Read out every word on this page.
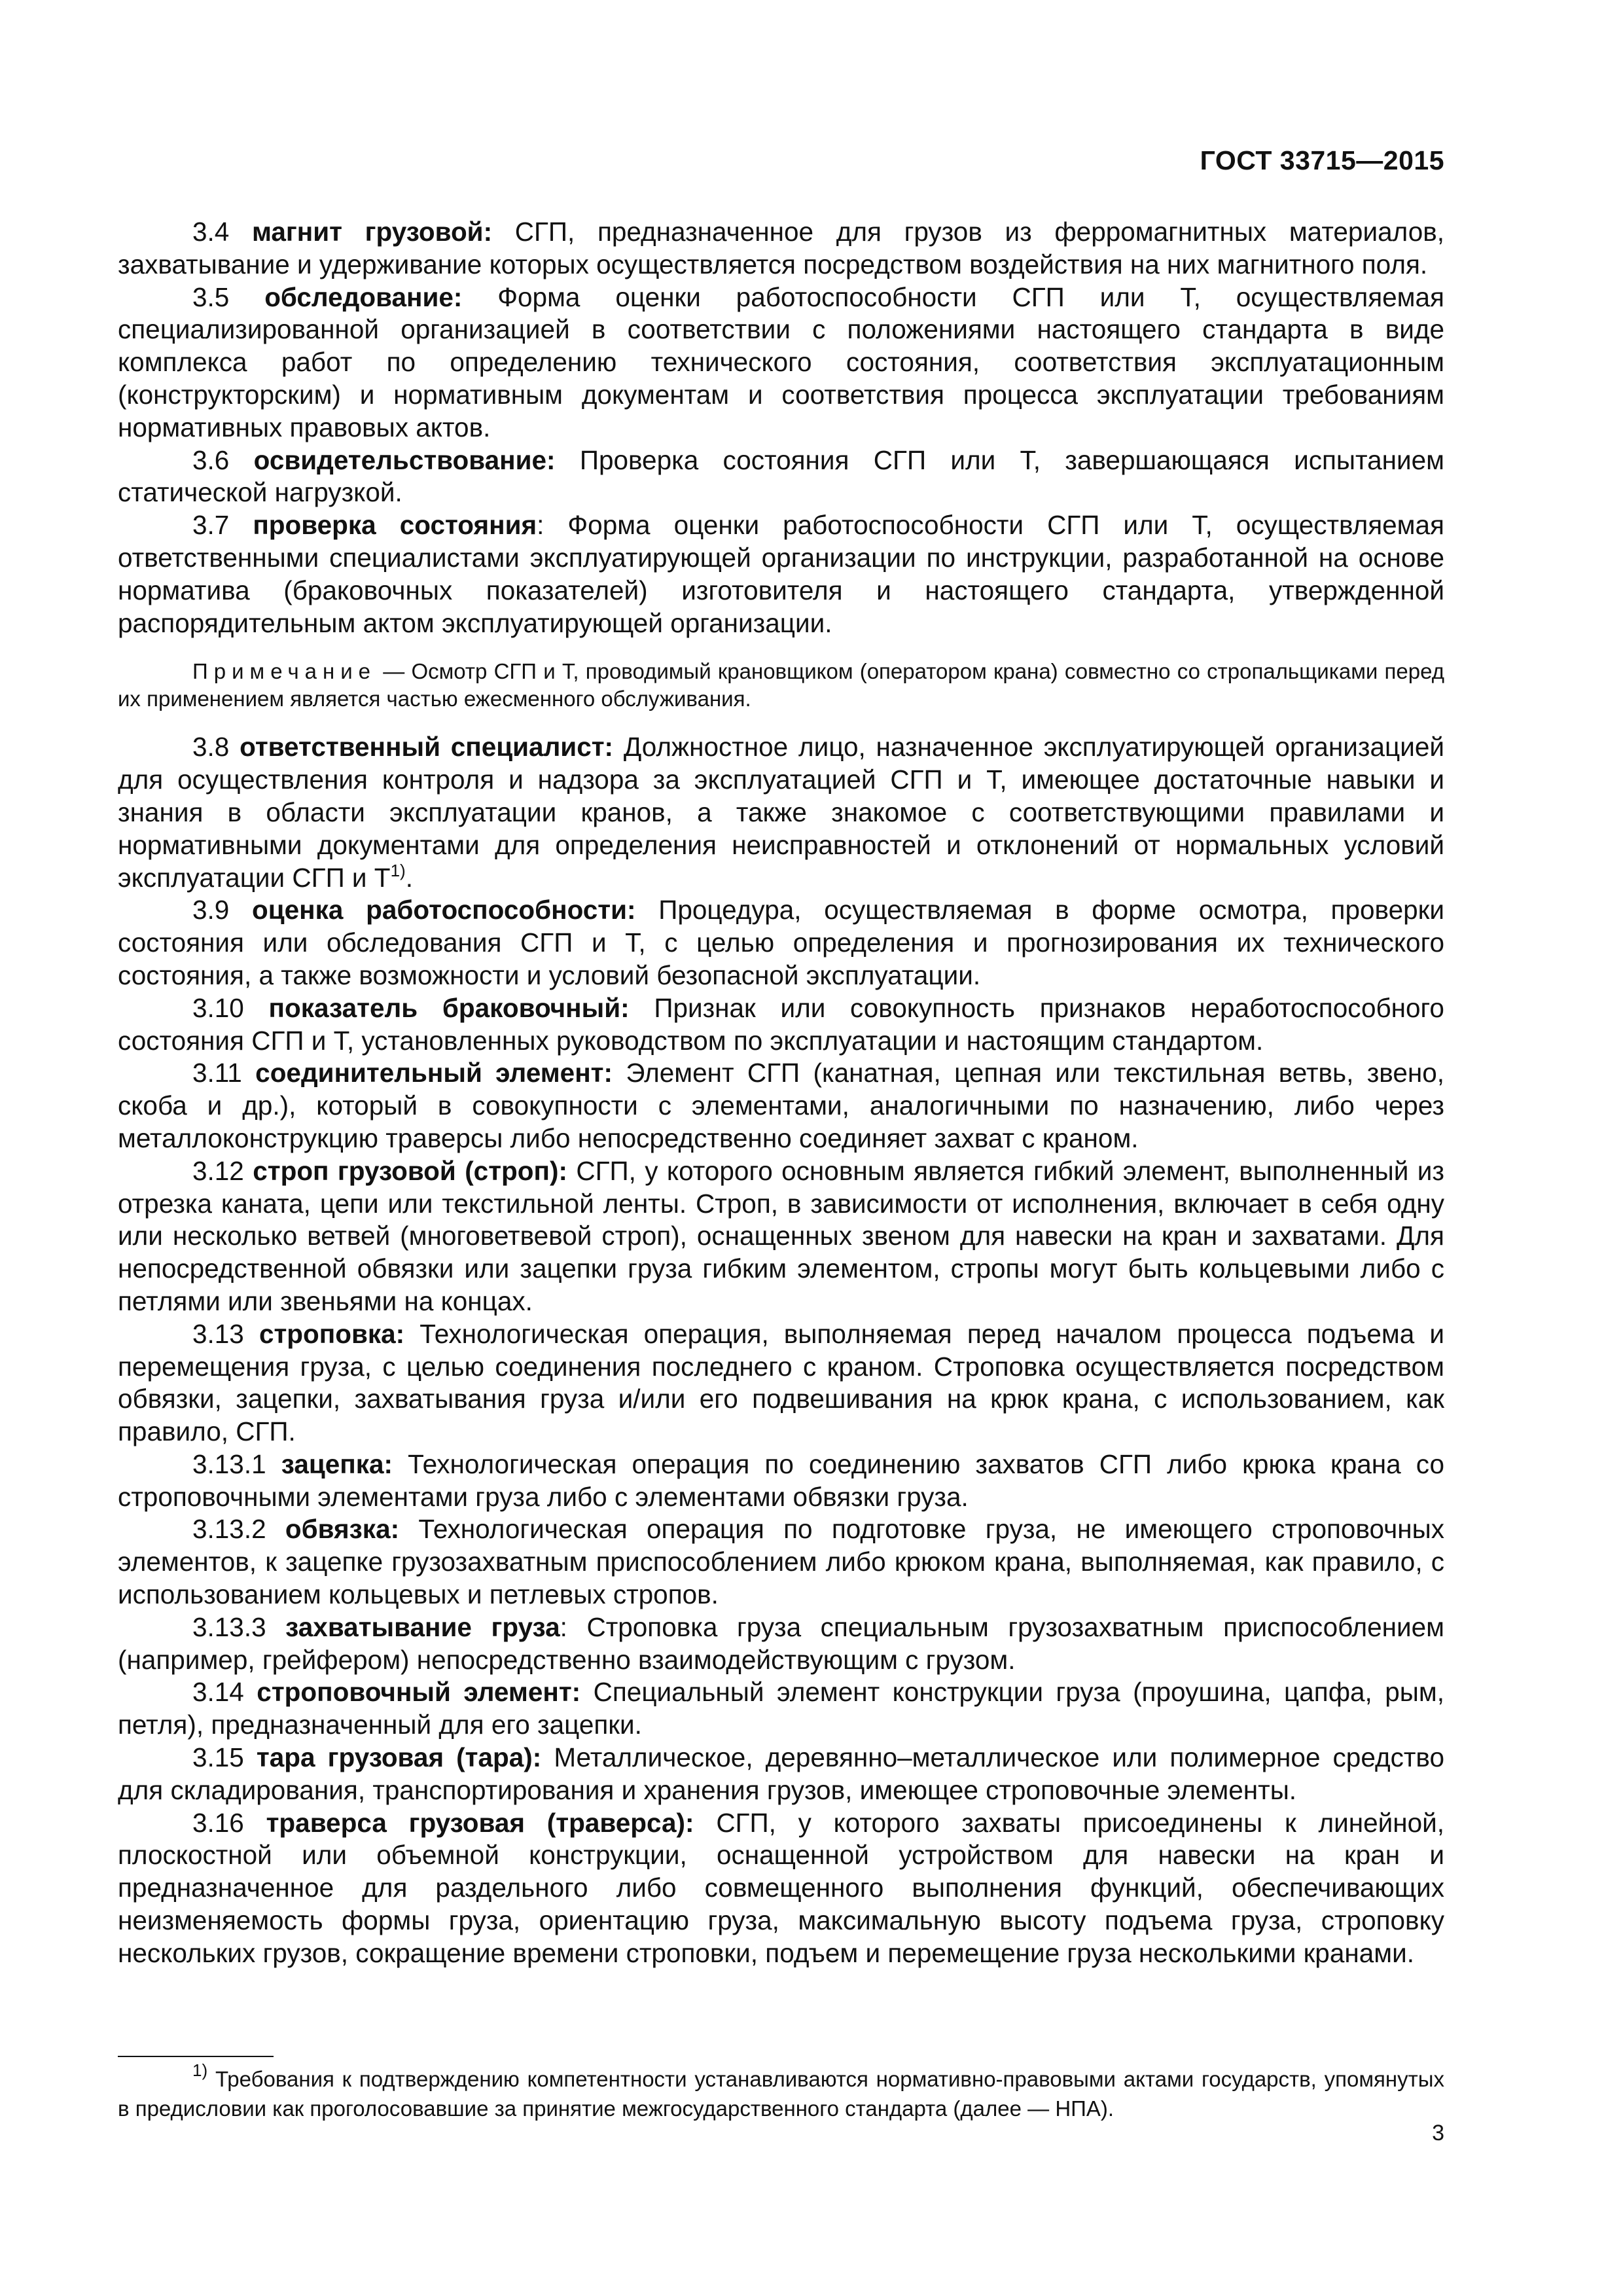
ГОСТ 33715—2015

3.4 магнит грузовой: СГП, предназначенное для грузов из ферромагнитных материалов, захватывание и удерживание которых осуществляется посредством воздействия на них магнитного поля.

3.5 обследование: Форма оценки работоспособности СГП или Т, осуществляемая специализированной организацией в соответствии с положениями настоящего стандарта в виде комплекса работ по определению технического состояния, соответствия эксплуатационным (конструкторским) и нормативным документам и соответствия процесса эксплуатации требованиям нормативных правовых актов.

3.6 освидетельствование: Проверка состояния СГП или Т, завершающаяся испытанием статической нагрузкой.

3.7 проверка состояния: Форма оценки работоспособности СГП или Т, осуществляемая ответственными специалистами эксплуатирующей организации по инструкции, разработанной на основе норматива (браковочных показателей) изготовителя и настоящего стандарта, утвержденной распорядительным актом эксплуатирующей организации.

Примечание — Осмотр СГП и Т, проводимый крановщиком (оператором крана) совместно со стропальщиками перед их применением является частью ежесменного обслуживания.

3.8 ответственный специалист: Должностное лицо, назначенное эксплуатирующей организацией для осуществления контроля и надзора за эксплуатацией СГП и Т, имеющее достаточные навыки и знания в области эксплуатации кранов, а также знакомое с соответствующими правилами и нормативными документами для определения неисправностей и отклонений от нормальных условий эксплуатации СГП и $Т^{1)}$.

3.9 оценка работоспособности: Процедура, осуществляемая в форме осмотра, проверки состояния или обследования СГП и Т, с целью определения и прогнозирования их технического состояния, а также возможности и условий безопасной эксплуатации.

3.10 показатель браковочный: Признак или совокупность признаков неработоспособного состояния СГП и Т, установленных руководством по эксплуатации и настоящим стандартом.

3.11 соединительный элемент: Элемент СГП (канатная, цепная или текстильная ветвь, звено, скоба и др.), который в совокупности с элементами, аналогичными по назначению, либо через металлоконструкцию траверсы либо непосредственно соединяет захват с краном.

3.12 строп грузовой (строп): СГП, у которого основным является гибкий элемент, выполненный из отрезка каната, цепи или текстильной ленты. Строп, в зависимости от исполнения, включает в себя одну или несколько ветвей (многоветвевой строп), оснащенных звеном для навески на кран и захватами. Для непосредственной обвязки или зацепки груза гибким элементом, стропы могут быть кольцевыми либо с петлями или звеньями на концах.

3.13 строповка: Технологическая операция, выполняемая перед началом процесса подъема и перемещения груза, с целью соединения последнего с краном. Строповка осуществляется посредством обвязки, зацепки, захватывания груза и/или его подвешивания на крюк крана, с использованием, как правило, СГП.

3.13.1 зацепка: Технологическая операция по соединению захватов СГП либо крюка крана со строповочными элементами груза либо с элементами обвязки груза.

3.13.2 обвязка: Технологическая операция по подготовке груза, не имеющего строповочных элементов, к зацепке грузозахватным приспособлением либо крюком крана, выполняемая, как правило, с использованием кольцевых и петлевых стропов.

3.13.3 захватывание груза: Строповка груза специальным грузозахватным приспособлением (например, грейфером) непосредственно взаимодействующим с грузом.

3.14 строповочный элемент: Специальный элемент конструкции груза (проушина, цапфа, рым, петля), предназначенный для его зацепки.

3.15 тара грузовая (тара): Металлическое, деревянно–металлическое или полимерное средство для складирования, транспортирования и хранения грузов, имеющее строповочные элементы.

3.16 траверса грузовая (траверса): СГП, у которого захваты присоединены к линейной, плоскостной или объемной конструкции, оснащенной устройством для навески на кран и предназначенное для раздельного либо совмещенного выполнения функций, обеспечивающих неизменяемость формы груза, ориентацию груза, максимальную высоту подъема груза, строповку нескольких грузов, сокращение времени строповки, подъем и перемещение груза несколькими кранами.

$^{1)}$ Требования к подтверждению компетентности устанавливаются нормативно-правовыми актами государств, упомянутых в предисловии как проголосовавшие за принятие межгосударственного стандарта (далее — НПА).
3
